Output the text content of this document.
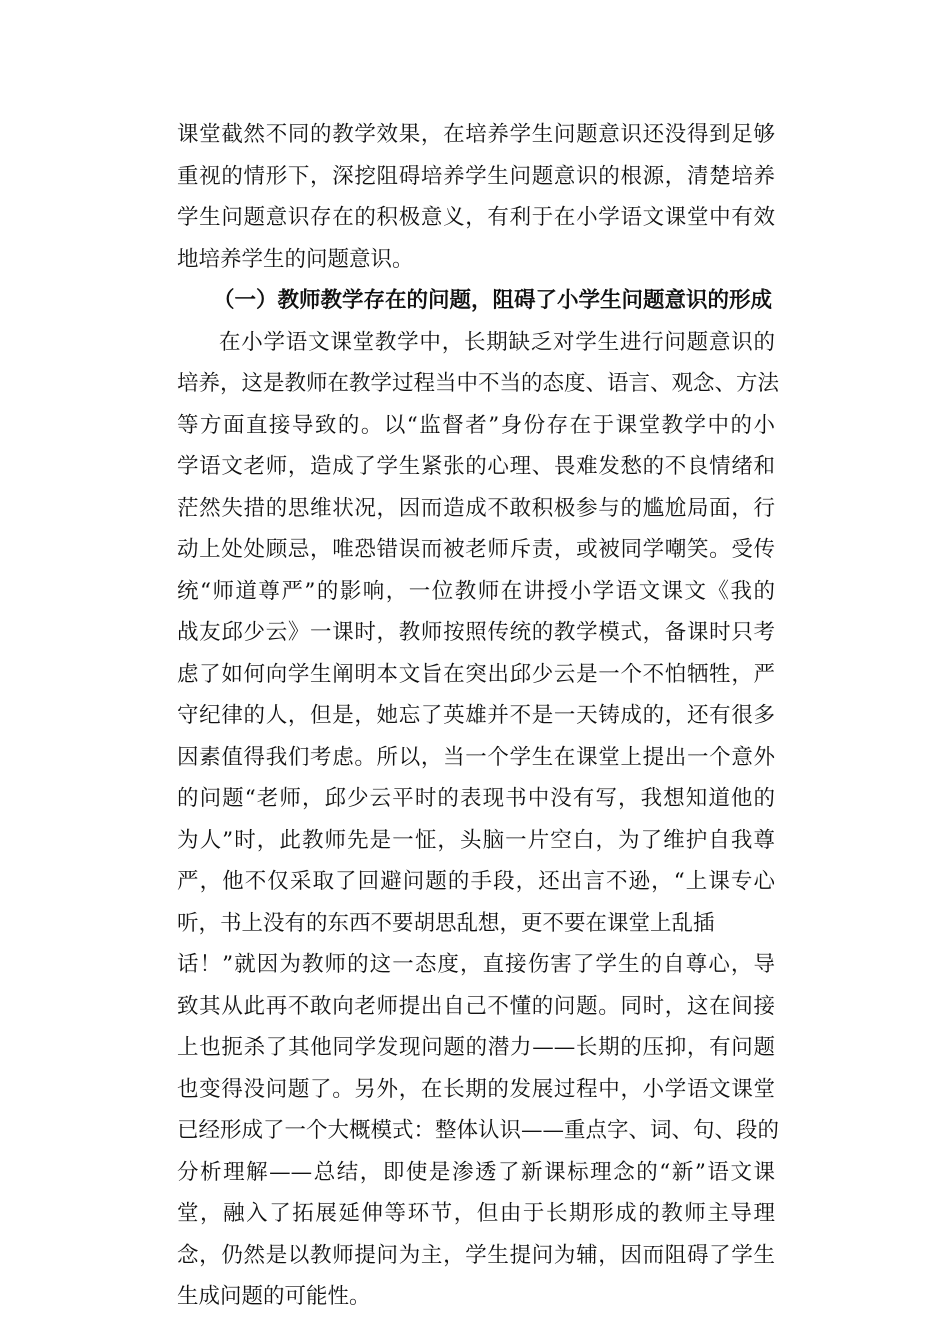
课堂截然不同的教学效果，在培养学生问题意识还没得到足够
重视的情形下，深挖阻碍培养学生问题意识的根源，清楚培养
学生问题意识存在的积极意义，有利于在小学语文课堂中有效
地培养学生的问题意识。
（一）教师教学存在的问题，阻碍了小学生问题意识的形成
在小学语文课堂教学中，长期缺乏对学生进行问题意识的
培养，这是教师在教学过程当中不当的态度、语言、观念、方法
等方面直接导致的。以“监督者”身份存在于课堂教学中的小
学语文老师，造成了学生紧张的心理、畏难发愁的不良情绪和
茫然失措的思维状况，因而造成不敢积极参与的尴尬局面，行
动上处处顾忌，唯恐错误而被老师斥责，或被同学嘲笑。受传
统“师道尊严”的影响，一位教师在讲授小学语文课文《我的
战友邱少云》一课时，教师按照传统的教学模式，备课时只考
虑了如何向学生阐明本文旨在突出邱少云是一个不怕牺牲，严
守纪律的人，但是，她忘了英雄并不是一天铸成的，还有很多
因素值得我们考虑。所以，当一个学生在课堂上提出一个意外
的问题“老师，邱少云平时的表现书中没有写，我想知道他的
为人”时，此教师先是一怔，头脑一片空白，为了维护自我尊
严，他不仅采取了回避问题的手段，还出言不逊，“上课专心
听，书上没有的东西不要胡思乱想，更不要在课堂上乱插
话！”就因为教师的这一态度，直接伤害了学生的自尊心，导
致其从此再不敢向老师提出自己不懂的问题。同时，这在间接
上也扼杀了其他同学发现问题的潜力——长期的压抑，有问题
也变得没问题了。另外，在长期的发展过程中，小学语文课堂
已经形成了一个大概模式：整体认识——重点字、词、句、段的
分析理解——总结，即使是渗透了新课标理念的“新”语文课
堂，融入了拓展延伸等环节，但由于长期形成的教师主导理
念，仍然是以教师提问为主，学生提问为辅，因而阻碍了学生
生成问题的可能性。
